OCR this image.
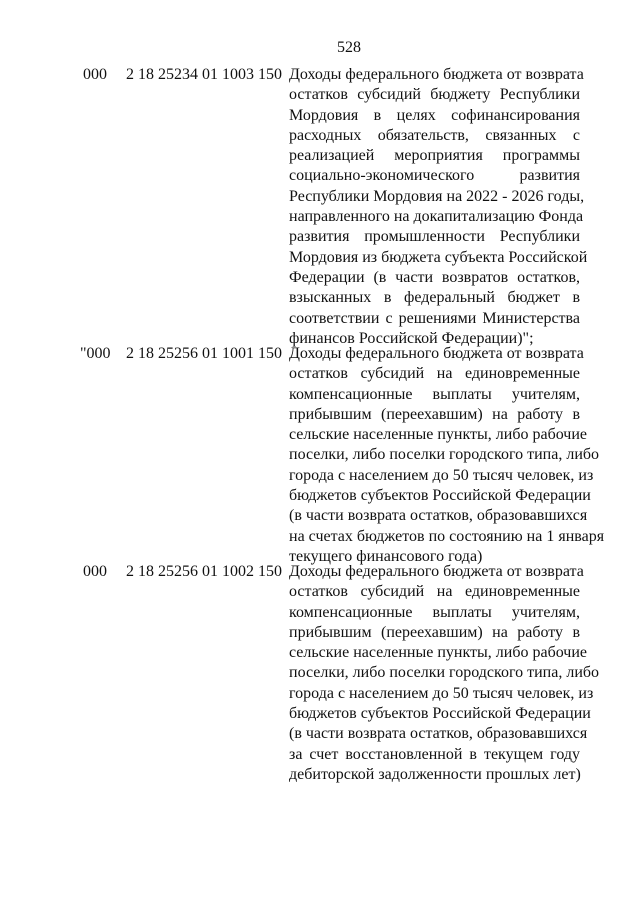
528
000 2 18 25234 01 1003 150 Доходы федерального бюджета от возврата
остатков субсидий бюджету Республики
Мордовия в целях софинансирования
расходных обязательств, связанных с
реализацией мероприятия программы
социально-экономического развития
Республики Мордовия на 2022 - 2026 годы,
направленного на докапитализацию Фонда
развития промышленности Республики
Мордовия из бюджета субъекта Российской
Федерации (в части возвратов остатков,
взысканных в федеральный бюджет в
соответствии с решениями Министерства
финансов Российской Федерации)";
"000 2 18 25256 01 1001 150 Доходы федерального бюджета от возврата
остатков субсидий на единовременные
компенсационные выплаты учителям,
прибывшим (переехавшим) на работу в
сельские населенные пункты, либо рабочие
поселки, либо поселки городского типа, либо
города с населением до 50 тысяч человек, из
бюджетов субъектов Российской Федерации
(в части возврата остатков, образовавшихся
на счетах бюджетов по состоянию на 1 января
текущего финансового года)
000 2 18 25256 01 1002 150 Доходы федерального бюджета от возврата
остатков субсидий на единовременные
компенсационные выплаты учителям,
прибывшим (переехавшим) на работу в
сельские населенные пункты, либо рабочие
поселки, либо поселки городского типа, либо
города с населением до 50 тысяч человек, из
бюджетов субъектов Российской Федерации
(в части возврата остатков, образовавшихся
за счет восстановленной в текущем году
дебиторской задолженности прошлых лет)
